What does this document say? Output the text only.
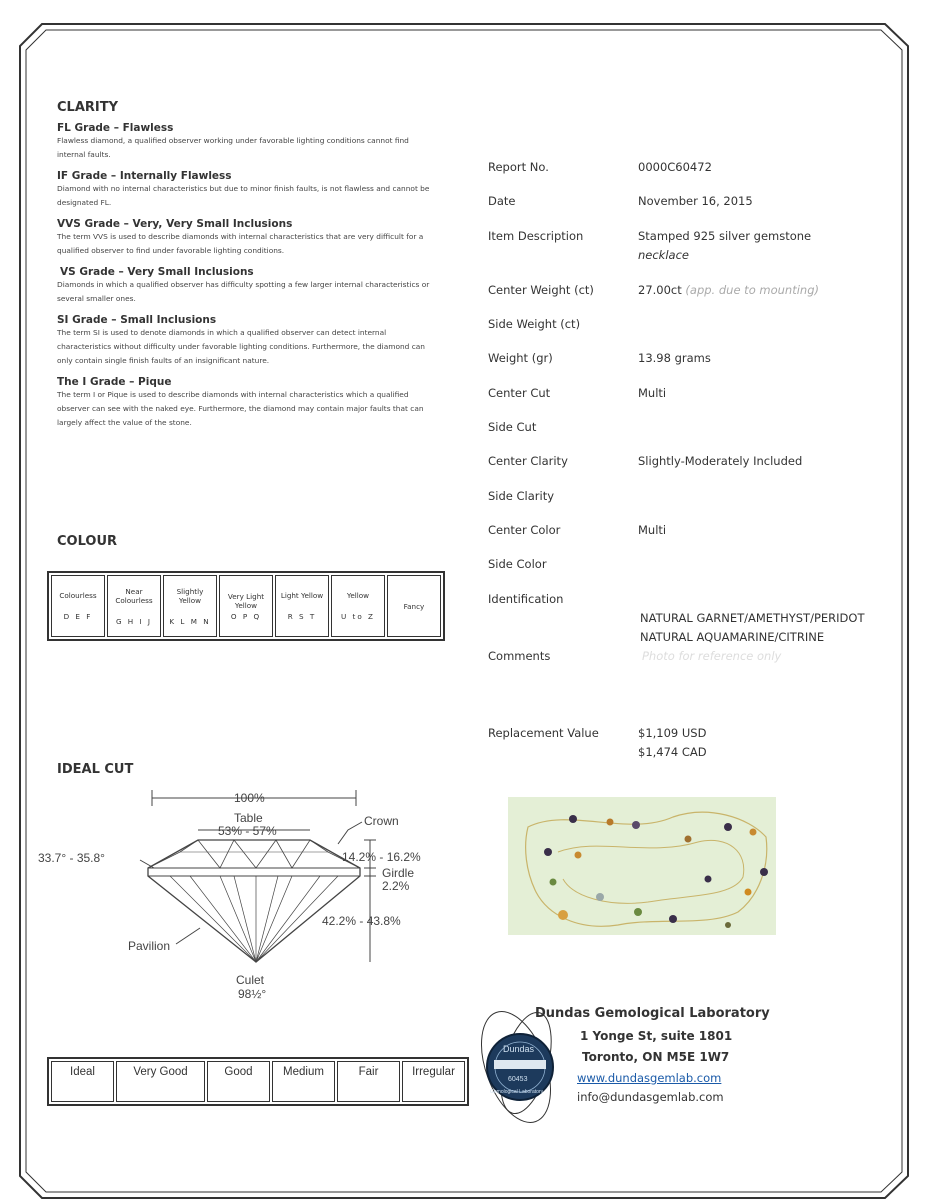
CLARITY
FL Grade – Flawless
Flawless diamond, a qualified observer working under favorable lighting conditions cannot find internal faults.
IF Grade – Internally Flawless
Diamond with no internal characteristics but due to minor finish faults, is not flawless and cannot be designated FL.
VVS Grade – Very, Very Small Inclusions
The term VVS is used to describe diamonds with internal characteristics that are very difficult for a qualified observer to find under favorable lighting conditions.
VS Grade – Very Small Inclusions
Diamonds in which a qualified observer has difficulty spotting a few larger internal characteristics or several smaller ones.
SI Grade – Small Inclusions
The term SI is used to denote diamonds in which a qualified observer can detect internal characteristics without difficulty under favorable lighting conditions. Furthermore, the diamond can only contain single finish faults of an insignificant nature.
The I Grade – Pique
The term I or Pique is used to describe diamonds with internal characteristics which a qualified observer can see with the naked eye. Furthermore, the diamond may contain major faults that can largely affect the value of the stone.
COLOUR
Colourless
D E F
	Near Colourless
G H I J
	Slightly Yellow
K L M N
	Very Light Yellow
O P Q
	Light Yellow
R S T
	Yellow
U to Z
	Fancy
IDEAL CUT
100%
Table
53% - 57%
Crown
33.7° - 35.8°	14.2% - 16.2%
Girdle
2.2%
42.2% - 43.8%
Pavilion
Culet
98½°
Ideal	Very Good	Good	Medium	Fair	Irregular
Report No.	0000C60472
Date	November 16, 2015
Item Description	Stamped 925 silver gemstone
necklace
Center Weight (ct)	27.00ct (app. due to mounting)
Side Weight (ct)
Weight (gr)	13.98 grams
Center Cut	Multi
Side Cut
Center Clarity	Slightly-Moderately Included
Side Clarity
Center Color	Multi
Side Color
Identification
NATURAL GARNET/AMETHYST/PERIDOT
NATURAL AQUAMARINE/CITRINE
Comments	Photo for reference only
Replacement Value	$1,109 USD
$1,474 CAD
Dundas
60453
Gemological Laboratory
Dundas Gemological Laboratory
1 Yonge St, suite 1801
Toronto, ON M5E 1W7
www.dundasgemlab.com
info@dundasgemlab.com
